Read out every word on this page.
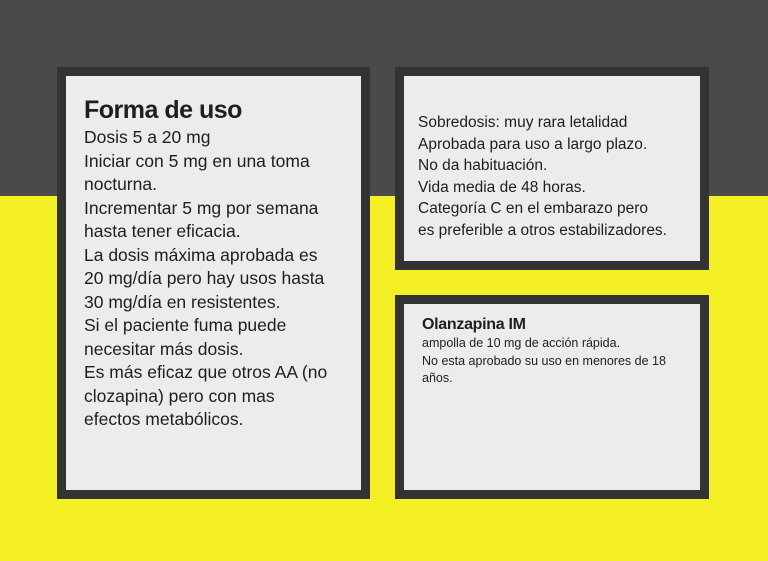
Forma de uso
Dosis 5 a 20 mg
Iniciar con 5 mg en una toma
nocturna.
Incrementar 5 mg por semana
hasta tener eficacia.
La dosis máxima aprobada es
20 mg/día pero hay usos hasta
30 mg/día en resistentes.
Si el paciente fuma puede
necesitar más dosis.
Es más eficaz que otros AA (no
clozapina) pero con mas
efectos metabólicos.
Sobredosis: muy rara letalidad
Aprobada para uso a largo plazo.
No da habituación.
Vida media de 48 horas.
Categoría C en el embarazo pero
es preferible a otros estabilizadores.
Olanzapina IM
ampolla de 10 mg de acción rápida.
No esta aprobado su uso en menores de 18
años.
